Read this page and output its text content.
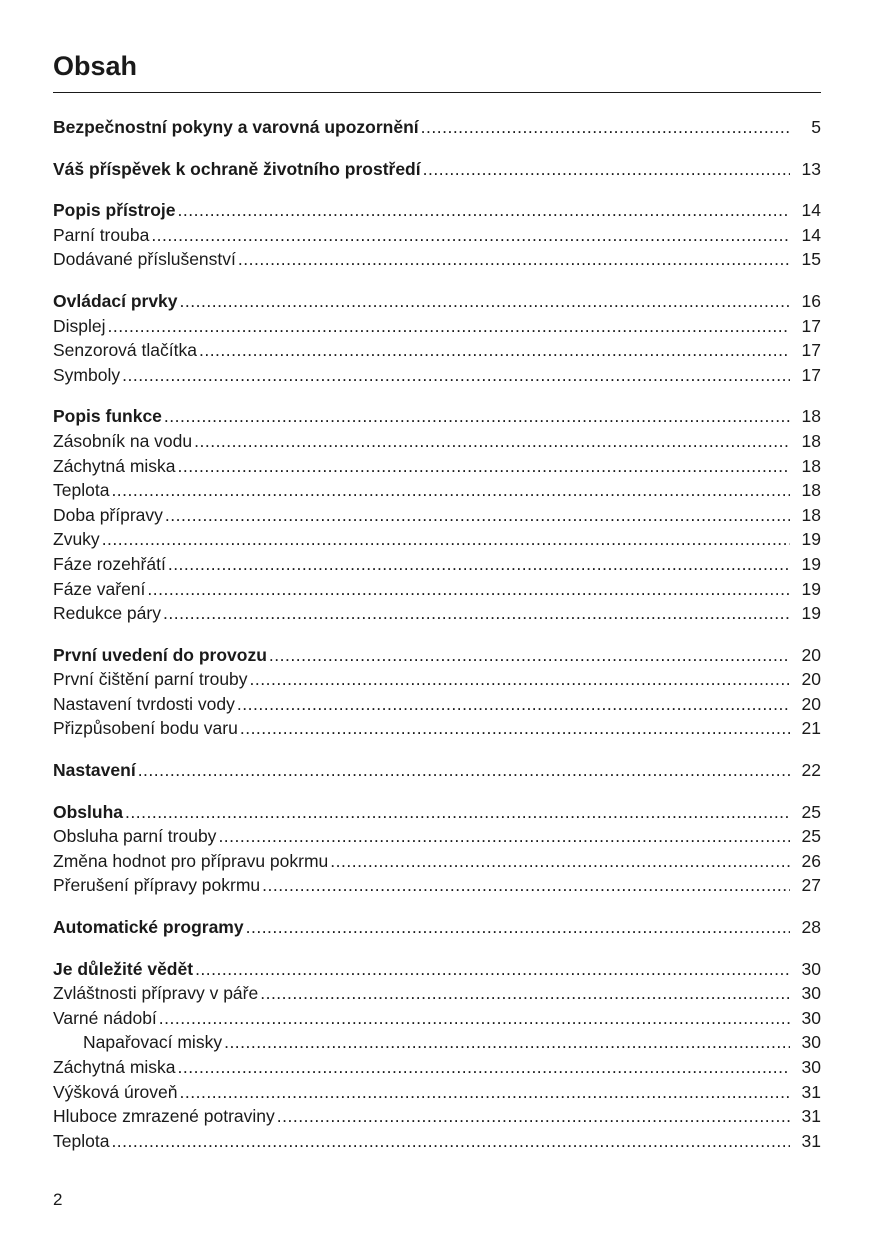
Obsah
Bezpečnostní pokyny a varovná upozornění .....	5
Váš příspěvek k ochraně životního prostředí .....	13
Popis přístroje .....	14
Parní trouba .....	14
Dodávané příslušenství .....	15
Ovládací prvky .....	16
Displej .....	17
Senzorová tlačítka .....	17
Symboly .....	17
Popis funkce .....	18
Zásobník na vodu .....	18
Záchytná miska .....	18
Teplota .....	18
Doba přípravy .....	18
Zvuky .....	19
Fáze rozehřátí .....	19
Fáze vaření .....	19
Redukce páry .....	19
První uvedení do provozu .....	20
První čištění parní trouby .....	20
Nastavení tvrdosti vody .....	20
Přizpůsobení bodu varu .....	21
Nastavení .....	22
Obsluha .....	25
Obsluha parní trouby .....	25
Změna hodnot pro přípravu pokrmu .....	26
Přerušení přípravy pokrmu .....	27
Automatické programy .....	28
Je důležité vědět .....	30
Zvláštnosti přípravy v páře .....	30
Varné nádobí .....	30
Napařovací misky .....	30
Záchytná miska .....	30
Výšková úroveň .....	31
Hluboce zmrazené potraviny .....	31
Teplota .....	31
2
